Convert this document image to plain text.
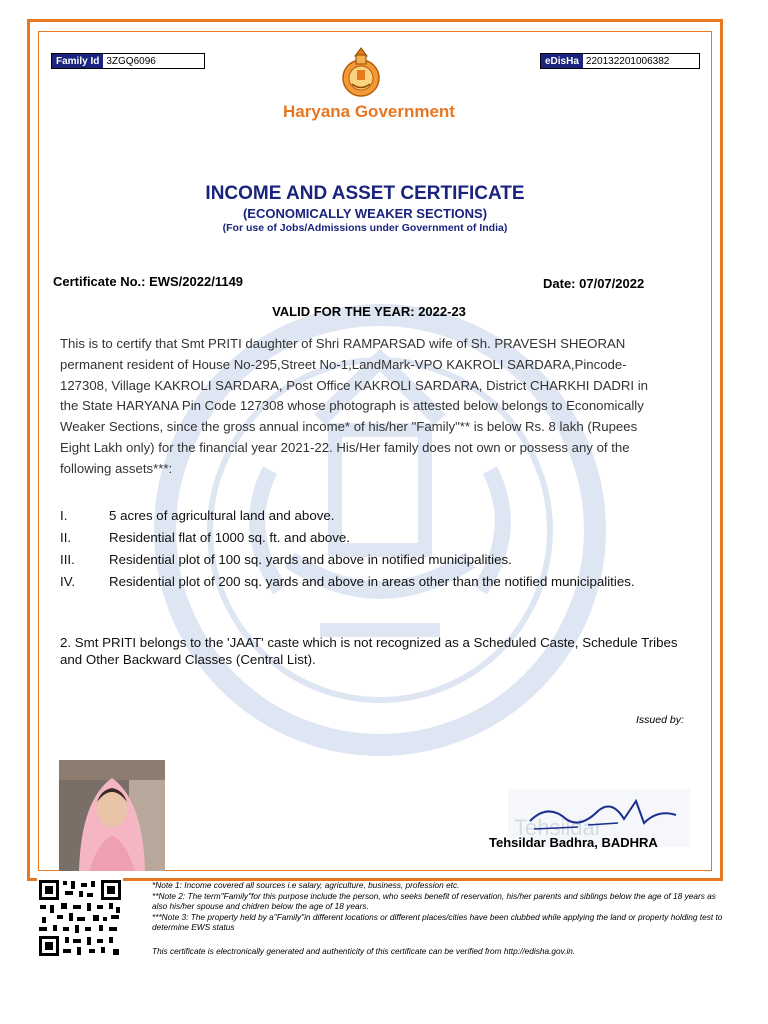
Family Id 3ZGQ6096	eDisHa 220132201006382
Haryana Government
INCOME AND ASSET CERTIFICATE
(ECONOMICALLY WEAKER SECTIONS)
(For use of Jobs/Admissions under Government of India)
Certificate No.: EWS/2022/1149	Date: 07/07/2022
VALID FOR THE YEAR: 2022-23

This is to certify that Smt PRITI daughter of Shri RAMPARSAD wife of Sh. PRAVESH SHEORAN permanent resident of House No-295,Street No-1,LandMark-VPO KAKROLI SARDARA,Pincode-127308, Village KAKROLI SARDARA, Post Office KAKROLI SARDARA, District CHARKHI DADRI in the State HARYANA Pin Code 127308 whose photograph is attested below belongs to Economically Weaker Sections, since the gross annual income* of his/her "Family"** is below Rs. 8 lakh (Rupees Eight Lakh only) for the financial year 2021-22. His/Her family does not own or possess any of the following assets***:

I.	5 acres of agricultural land and above.
II.	Residential flat of 1000 sq. ft. and above.
III.	Residential plot of 100 sq. yards and above in notified municipalities.
IV.	Residential plot of 200 sq. yards and above in areas other than the notified municipalities.

2. Smt PRITI belongs to the 'JAAT' caste which is not recognized as a Scheduled Caste, Schedule Tribes and Other Backward Classes (Central List).

Issued by:
Tehsildar
Tehsildar Badhra, BADHRA

*Note 1: Income covered all sources i.e salary, agriculture, business, profession etc.

**Note 2: The term"Family"for this purpose include the person, who seeks benefit of reservation, his/her parents and siblings below the age of 18 years as also his/her spouse and chidren below the age of 18 years.

***Note 3: The property held by a"Family"in different locations or different places/cities have been clubbed while applying the land or property holding test to determine EWS status

This certificate is electronically generated and authenticity of this certificate can be verified from http://edisha.gov.in.
